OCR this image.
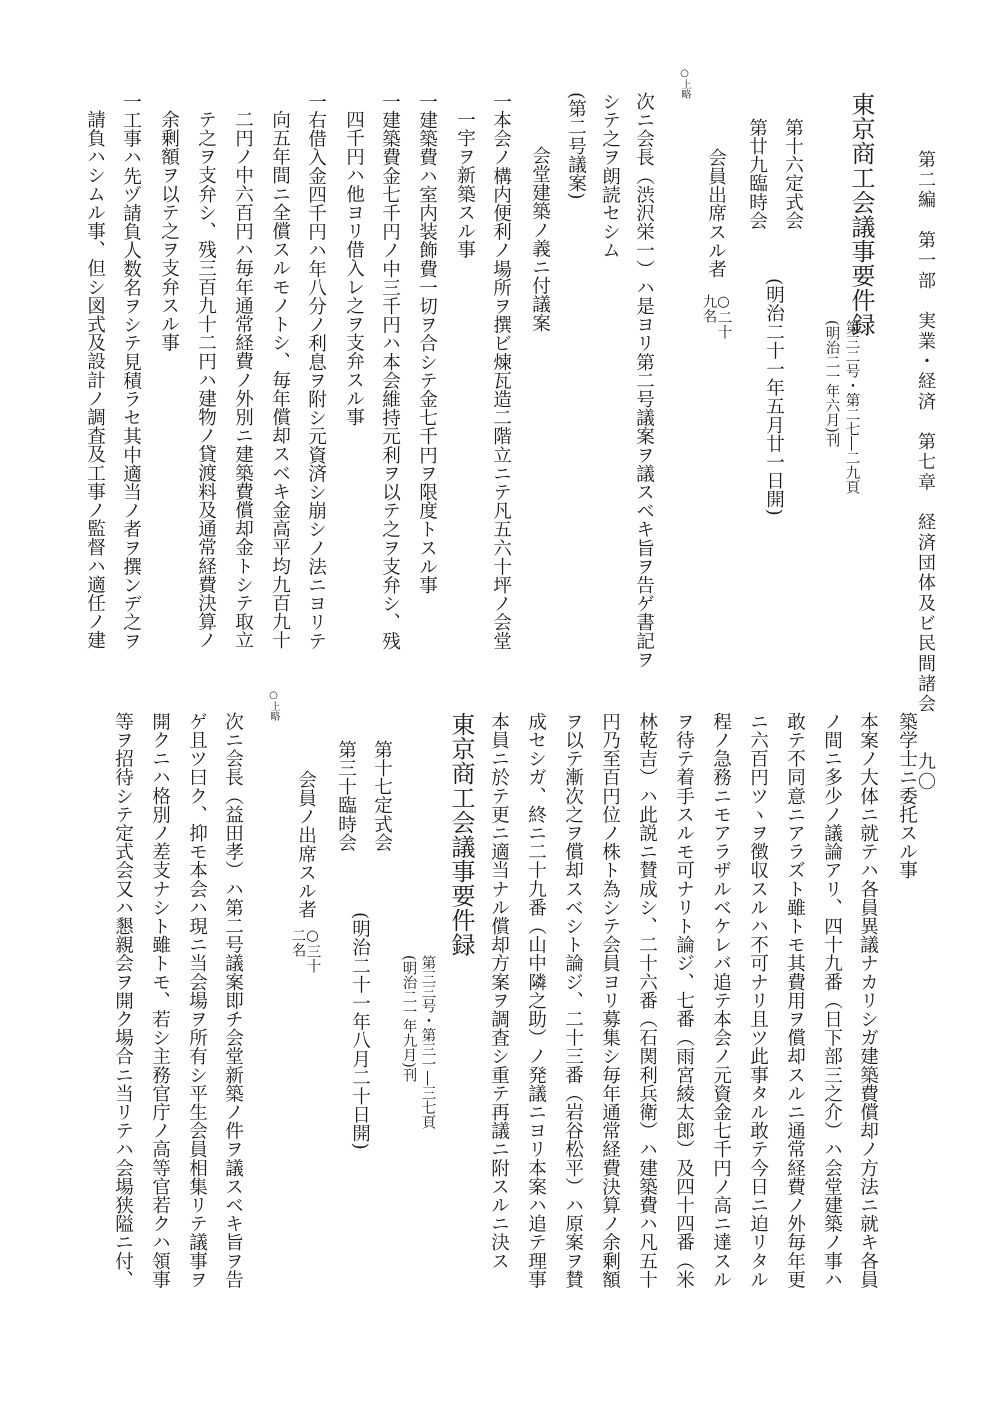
第二編　第一部　実業・経済　第七章　経済団体及ビ民間諸会
九〇
東京商工会議事要件録
第三二号・第二七―二九頁
(明治二一年六月)刊
第十六定式会
第廿九臨時会
(明治二十一年五月廿一日開)
会員出席スル者
○二十
九名
○上略
次ニ会長（渋沢栄一）ハ是ヨリ第二号議案ヲ議スベキ旨ヲ告ゲ書記ヲ
シテ之ヲ朗読セシム
(第二号議案)
会堂建築ノ義ニ付議案
一本会ノ構内便利ノ場所ヲ撰ビ煉瓦造二階立ニテ凡五六十坪ノ会堂
一宇ヲ新築スル事
一建築費ハ室内装飾費一切ヲ合シテ金七千円ヲ限度トスル事
一建築費金七千円ノ中三千円ハ本会維持元利ヲ以テ之ヲ支弁シ、残
四千円ハ他ヨリ借入レ之ヲ支弁スル事
一右借入金四千円ハ年八分ノ利息ヲ附シ元資済シ崩シノ法ニヨリテ
向五年間ニ全償スルモノトシ、毎年償却スベキ金高平均九百九十
二円ノ中六百円ハ毎年通常経費ノ外別ニ建築費償却金トシテ取立
テ之ヲ支弁シ、残三百九十二円ハ建物ノ貸渡料及通常経費決算ノ
余剰額ヲ以テ之ヲ支弁スル事
一工事ハ先ヅ請負人数名ヲシテ見積ラセ其中適当ノ者ヲ撰ンデ之ヲ
請負ハシムル事、但シ図式及設計ノ調査及工事ノ監督ハ適任ノ建
築学士ニ委托スル事
本案ノ大体ニ就テハ各員異議ナカリシガ建築費償却ノ方法ニ就キ各員
ノ間ニ多少ノ議論アリ、四十九番（日下部三之介）ハ会堂建築ノ事ハ
敢テ不同意ニアラズト雖トモ其費用ヲ償却スルニ通常経費ノ外毎年更
ニ六百円ツヽヲ徴収スルハ不可ナリ且ツ此事タル敢テ今日ニ迫リタル
程ノ急務ニモアラザルベケレバ追テ本会ノ元資金七千円ノ高ニ達スル
ヲ待テ着手スルモ可ナリト論ジ、七番（雨宮綾太郎）及四十四番（米
林乾吉）ハ此説ニ賛成シ、二十六番（石関利兵衛）ハ建築費ハ凡五十
円乃至百円位ノ株ト為シテ会員ヨリ募集シ毎年通常経費決算ノ余剰額
ヲ以テ漸次之ヲ償却スベシト論ジ、二十三番（岩谷松平）ハ原案ヲ賛
成セシガ、終ニ二十九番（山中隣之助）ノ発議ニヨリ本案ハ追テ理事
本員ニ於テ更ニ適当ナル償却方案ヲ調査シ重テ再議ニ附スルニ決ス
東京商工会議事要件録
第三三号・第三一―三七頁
(明治二一年九月)刊
第十七定式会
第三十臨時会
(明治二十一年八月二十日開)
会員ノ出席スル者
○三十
二名
○上略
次ニ会長（益田孝）ハ第二号議案即チ会堂新築ノ件ヲ議スベキ旨ヲ告
ゲ且ツ曰ク、抑モ本会ハ現ニ当会場ヲ所有シ平生会員相集リテ議事ヲ
開クニハ格別ノ差支ナシト雖トモ、若シ主務官庁ノ高等官若クハ領事
等ヲ招待シテ定式会又ハ懇親会ヲ開ク場合ニ当リテハ会場狭隘ニ付、
